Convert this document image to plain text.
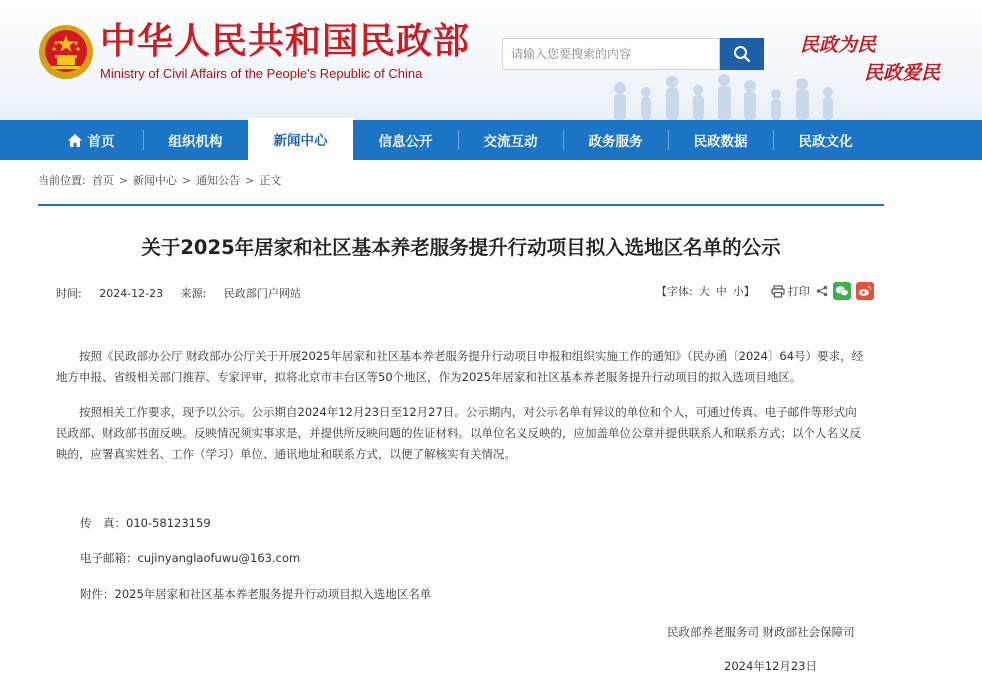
中华人民共和国民政部
Ministry of Civil Affairs of the People's Republic of China
请输入您要搜索的内容
民政为民
民政爱民
首页	组织机构	新闻中心	信息公开	交流互动	政务服务	民政数据	民政文化
当前位置: 首页 > 新闻中心 > 通知公告 > 正文
关于2025年居家和社区基本养老服务提升行动项目拟入选地区名单的公示
时间: 2024-12-23 来源: 民政部门户网站	【字体: 大 中 小】	打印

按照《民政部办公厅 财政部办公厅关于开展2025年居家和社区基本养老服务提升行动项目申报和组织实施工作的通知》（民办函〔2024〕64号）要求，经地方申报、省级相关部门推荐、专家评审，拟将北京市丰台区等50个地区，作为2025年居家和社区基本养老服务提升行动项目的拟入选项目地区。

按照相关工作要求，现予以公示。公示期自2024年12月23日至12月27日。公示期内，对公示名单有异议的单位和个人，可通过传真、电子邮件等形式向民政部、财政部书面反映。反映情况须实事求是，并提供所反映问题的佐证材料。以单位名义反映的，应加盖单位公章并提供联系人和联系方式；以个人名义反映的，应署真实姓名、工作（学习）单位、通讯地址和联系方式，以便了解核实有关情况。

传　真：010-58123159
电子邮箱：cujinyanglaofuwu@163.com
附件：2025年居家和社区基本养老服务提升行动项目拟入选地区名单
民政部养老服务司 财政部社会保障司
2024年12月23日
